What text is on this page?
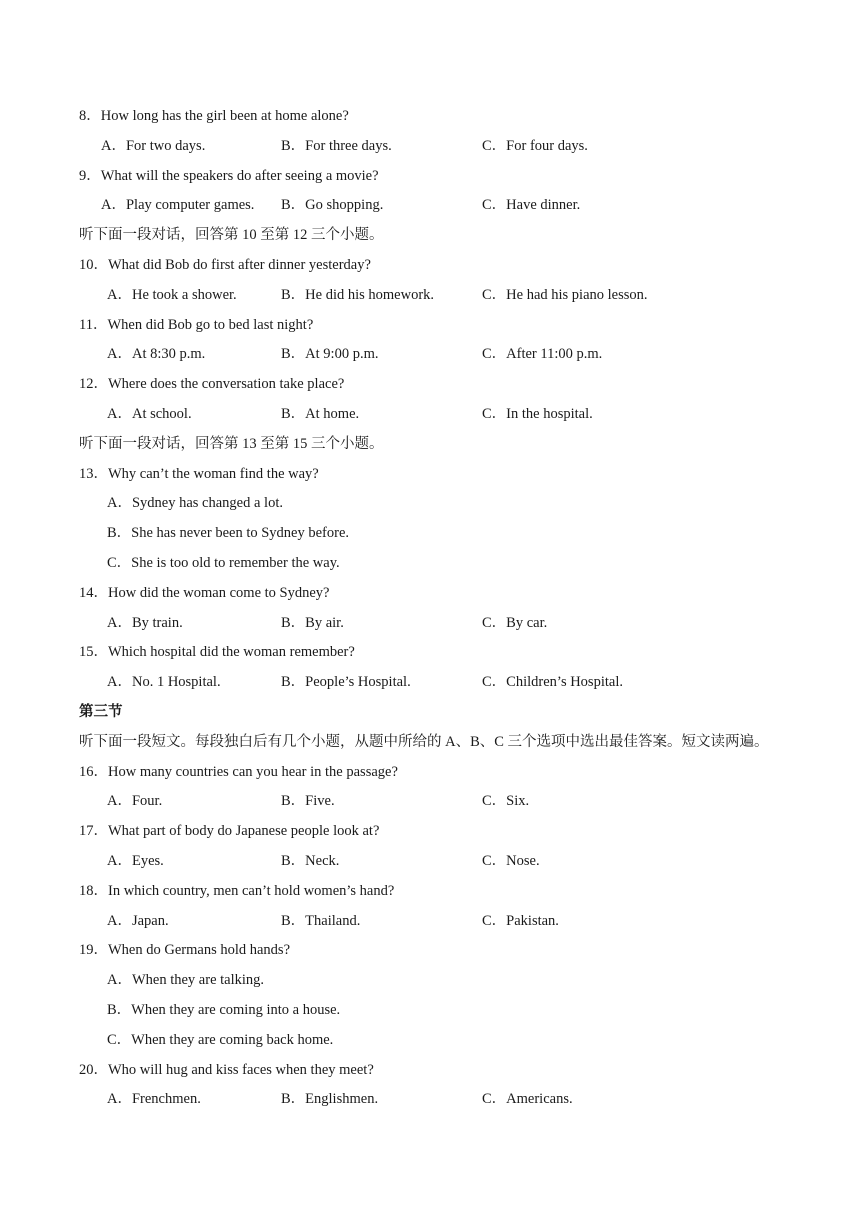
8．How long has the girl been at home alone?
A．For two days.	B．For three days.	C．For four days.
9．What will the speakers do after seeing a movie?
A．Play computer games. B．Go shopping.	C．Have dinner.
听下面一段对话，回答第 10 至第 12 三个小题。
10．What did Bob do first after dinner yesterday?
A．He took a shower.	B．He did his homework.	C．He had his piano lesson.
11．When did Bob go to bed last night?
A．At 8:30 p.m.	B．At 9:00 p.m.	C．After 11:00 p.m.
12．Where does the conversation take place?
A．At school.	B．At home.	C．In the hospital.
听下面一段对话，回答第 13 至第 15 三个小题。
13．Why can’t the woman find the way?
A．Sydney has changed a lot.
B．She has never been to Sydney before.
C．She is too old to remember the way.
14．How did the woman come to Sydney?
A．By train.	B．By air.	C．By car.
15．Which hospital did the woman remember?
A．No. 1 Hospital.	B．People’s Hospital.	C．Children’s Hospital.
第三节
听下面一段短文。每段独白后有几个小题，从题中所给的 A、B、C 三个选项中选出最佳答案。短文读两遍。
16．How many countries can you hear in the passage?
A．Four.	B．Five.	C．Six.
17．What part of body do Japanese people look at?
A．Eyes.	B．Neck.	C．Nose.
18．In which country, men can’t hold women’s hand?
A．Japan.	B．Thailand.	C．Pakistan.
19．When do Germans hold hands?
A．When they are talking.
B．When they are coming into a house.
C．When they are coming back home.
20．Who will hug and kiss faces when they meet?
A．Frenchmen.	B．Englishmen.	C．Americans.
